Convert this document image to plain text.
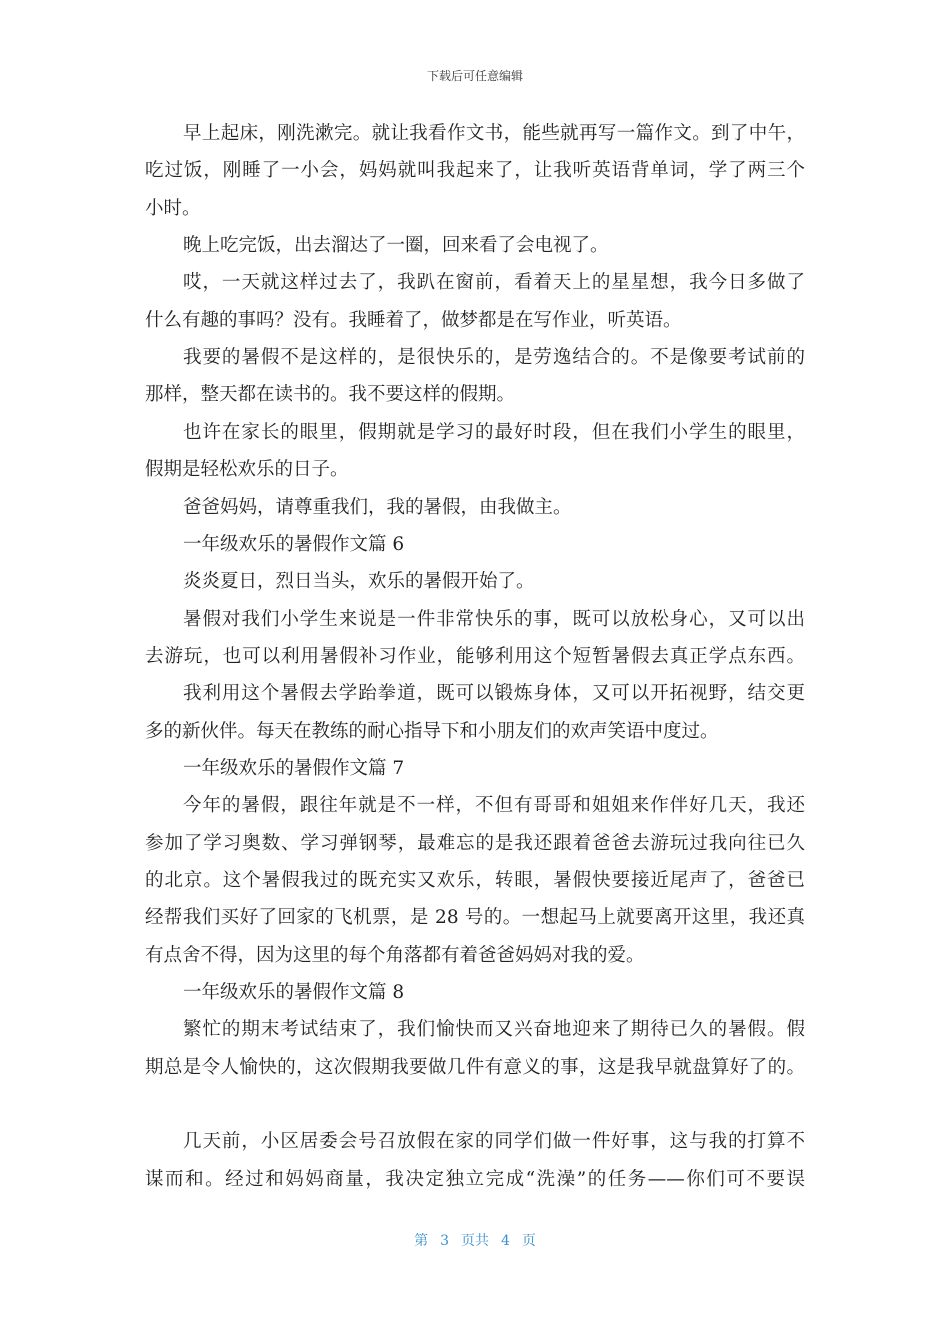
下载后可任意编辑
早上起床，刚洗漱完。就让我看作文书，能些就再写一篇作文。到了中午，
吃过饭，刚睡了一小会，妈妈就叫我起来了，让我听英语背单词，学了两三个
小时。
晚上吃完饭，出去溜达了一圈，回来看了会电视了。
哎，一天就这样过去了，我趴在窗前，看着天上的星星想，我今日多做了
什么有趣的事吗？没有。我睡着了，做梦都是在写作业，听英语。
我要的暑假不是这样的，是很快乐的，是劳逸结合的。不是像要考试前的
那样，整天都在读书的。我不要这样的假期。
也许在家长的眼里，假期就是学习的最好时段，但在我们小学生的眼里，
假期是轻松欢乐的日子。
爸爸妈妈，请尊重我们，我的暑假，由我做主。
一年级欢乐的暑假作文篇 6
炎炎夏日，烈日当头，欢乐的暑假开始了。
暑假对我们小学生来说是一件非常快乐的事，既可以放松身心，又可以出
去游玩，也可以利用暑假补习作业，能够利用这个短暂暑假去真正学点东西。
我利用这个暑假去学跆拳道，既可以锻炼身体，又可以开拓视野，结交更
多的新伙伴。每天在教练的耐心指导下和小朋友们的欢声笑语中度过。
一年级欢乐的暑假作文篇 7
今年的暑假，跟往年就是不一样，不但有哥哥和姐姐来作伴好几天，我还
参加了学习奥数、学习弹钢琴，最难忘的是我还跟着爸爸去游玩过我向往已久
的北京。这个暑假我过的既充实又欢乐，转眼，暑假快要接近尾声了，爸爸已
经帮我们买好了回家的飞机票，是 28 号的。一想起马上就要离开这里，我还真
有点舍不得，因为这里的每个角落都有着爸爸妈妈对我的爱。
一年级欢乐的暑假作文篇 8
繁忙的期末考试结束了，我们愉快而又兴奋地迎来了期待已久的暑假。假
期总是令人愉快的，这次假期我要做几件有意义的事，这是我早就盘算好了的。
几天前，小区居委会号召放假在家的同学们做一件好事，这与我的打算不
谋而和。经过和妈妈商量，我决定独立完成“洗澡”的任务——你们可不要误
第 3 页共 4 页
